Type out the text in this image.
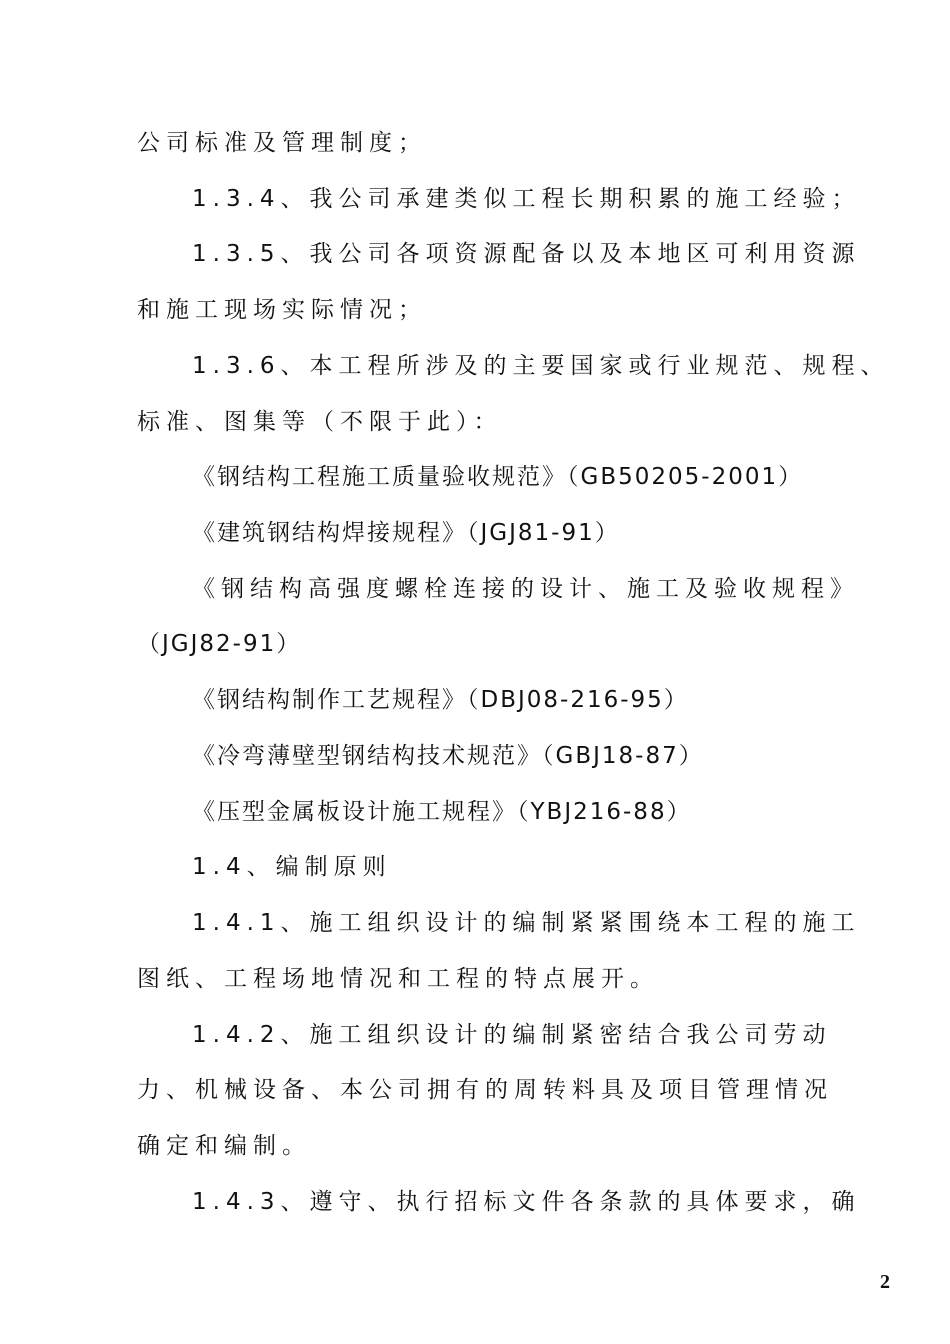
公司标准及管理制度；
1.3.4、我公司承建类似工程长期积累的施工经验；
1.3.5、我公司各项资源配备以及本地区可利用资源
和施工现场实际情况；
1.3.6、本工程所涉及的主要国家或行业规范、规程、
标准、图集等（不限于此）：
《钢结构工程施工质量验收规范》（GB50205-2001）
《建筑钢结构焊接规程》（JGJ81-91）
《钢结构高强度螺栓连接的设计、施工及验收规程》
（JGJ82-91）
《钢结构制作工艺规程》（DBJ08-216-95）
《冷弯薄壁型钢结构技术规范》（GBJ18-87）
《压型金属板设计施工规程》（YBJ216-88）
1.4、编制原则
1.4.1、施工组织设计的编制紧紧围绕本工程的施工
图纸、工程场地情况和工程的特点展开。
1.4.2、施工组织设计的编制紧密结合我公司劳动
力、机械设备、本公司拥有的周转料具及项目管理情况
确定和编制。
1.4.3、遵守、执行招标文件各条款的具体要求，确
2
